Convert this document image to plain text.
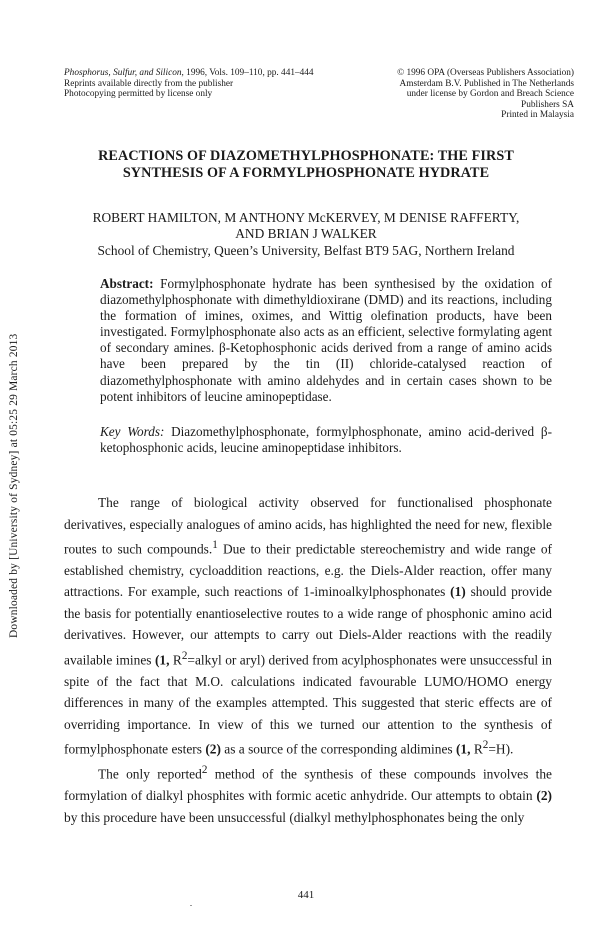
Downloaded by [University of Sydney] at 05:25 29 March 2013
Phosphorus, Sulfur, and Silicon, 1996, Vols. 109–110, pp. 441–444
Reprints available directly from the publisher
Photocopying permitted by license only
© 1996 OPA (Overseas Publishers Association)
Amsterdam B.V. Published in The Netherlands
under license by Gordon and Breach Science
Publishers SA
Printed in Malaysia
REACTIONS OF DIAZOMETHYLPHOSPHONATE: THE FIRST
SYNTHESIS OF A FORMYLPHOSPHONATE HYDRATE
ROBERT HAMILTON, M ANTHONY McKERVEY, M DENISE RAFFERTY,
AND BRIAN J WALKER
School of Chemistry, Queen’s University, Belfast BT9 5AG, Northern Ireland
Abstract: Formylphosphonate hydrate has been synthesised by the oxidation of diazomethylphosphonate with dimethyldioxirane (DMD) and its reactions, including the formation of imines, oximes, and Wittig olefination products, have been investigated. Formylphosphonate also acts as an efficient, selective formylating agent of secondary amines. β-Ketophosphonic acids derived from a range of amino acids have been prepared by the tin (II) chloride-catalysed reaction of diazomethylphosphonate with amino aldehydes and in certain cases shown to be potent inhibitors of leucine aminopeptidase.
Key Words: Diazomethylphosphonate, formylphosphonate, amino acid-derived β-ketophosphonic acids, leucine aminopeptidase inhibitors.

The range of biological activity observed for functionalised phosphonate derivatives, especially analogues of amino acids, has highlighted the need for new, flexible routes to such compounds.$^1$ Due to their predictable stereochemistry and wide range of established chemistry, cycloaddition reactions, e.g. the Diels-Alder reaction, offer many attractions. For example, such reactions of 1-iminoalkylphosphonates (1) should provide the basis for potentially enantioselective routes to a wide range of phosphonic amino acid derivatives. However, our attempts to carry out Diels-Alder reactions with the readily available imines (1, $R^2=alkyl$ or aryl) derived from acylphosphonates were unsuccessful in spite of the fact that M.O. calculations indicated favourable LUMO/HOMO energy differences in many of the examples attempted. This suggested that steric effects are of overriding importance. In view of this we turned our attention to the synthesis of formylphosphonate esters (2) as a source of the corresponding aldimines (1, $R^2=H$).

The only reported$^2$ method of the synthesis of these compounds involves the formylation of dialkyl phosphites with formic acetic anhydride. Our attempts to obtain (2) by this procedure have been unsuccessful (dialkyl methylphosphonates being the only

441
